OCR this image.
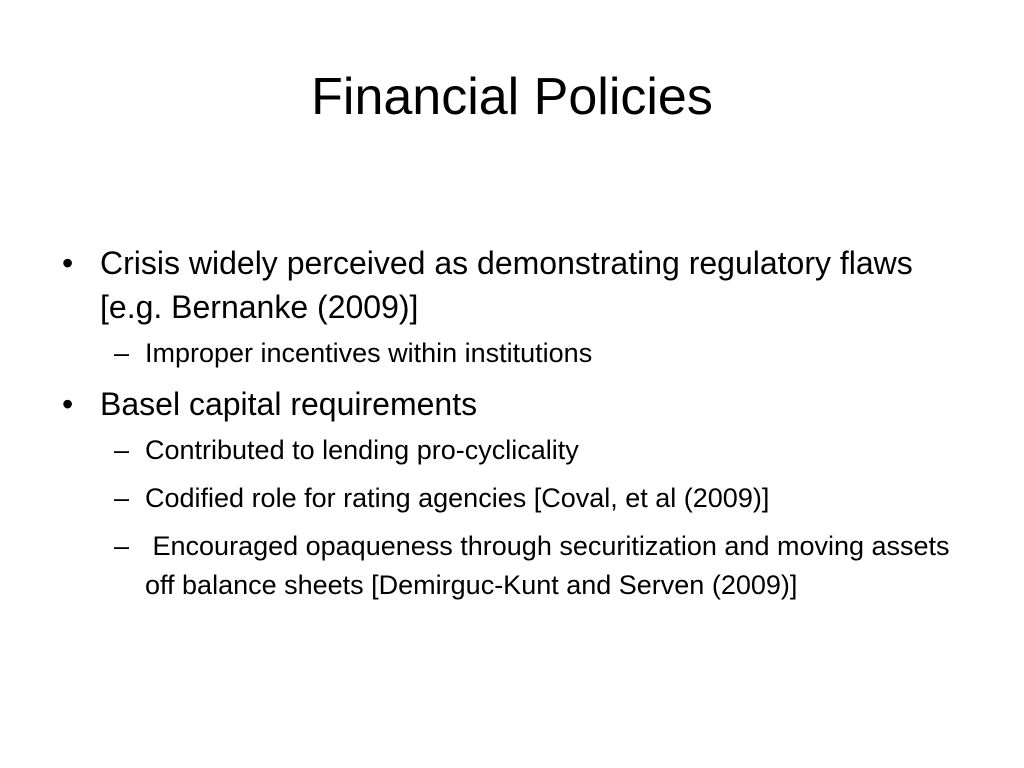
Financial Policies
• Crisis widely perceived as demonstrating regulatory flaws [e.g. Bernanke (2009)]
– Improper incentives within institutions
• Basel capital requirements
– Contributed to lending pro-cyclicality
– Codified role for rating agencies [Coval, et al (2009)]
– Encouraged opaqueness through securitization and moving assets off balance sheets [Demirguc-Kunt and Serven (2009)]
